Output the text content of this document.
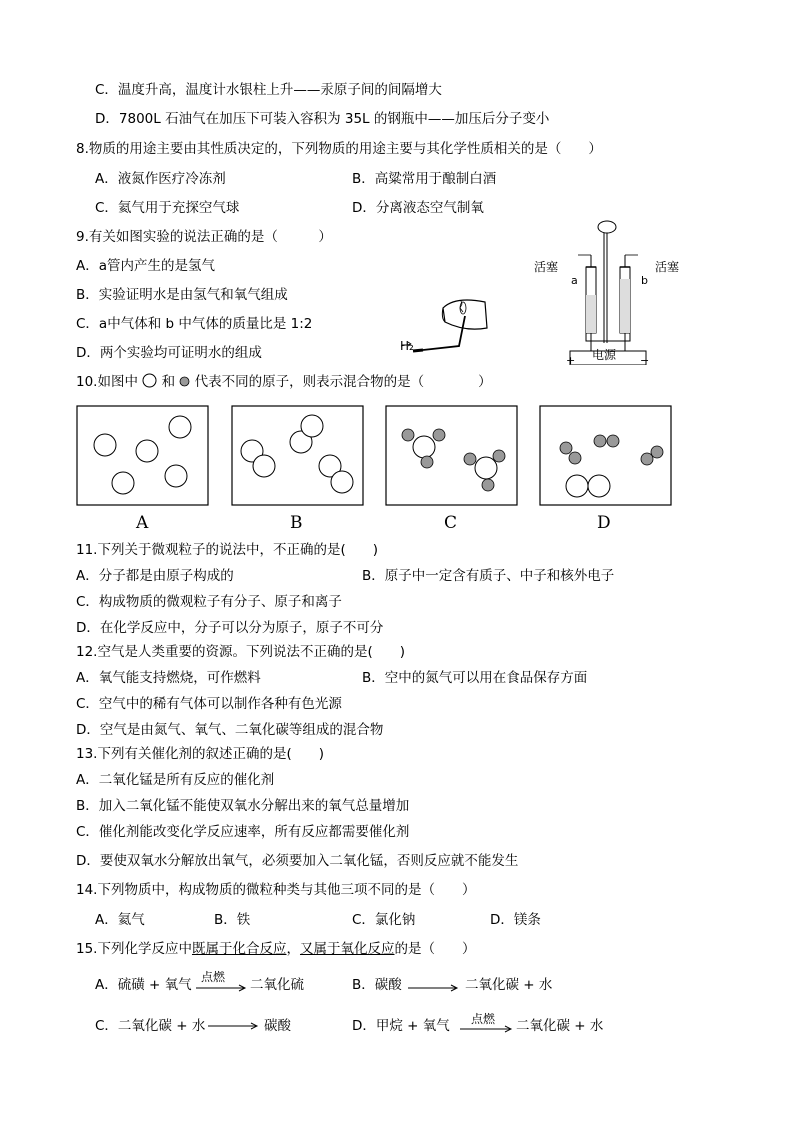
C．温度升高，温度计水银柱上升——汞原子间的间隔增大
D．7800L 石油气在加压下可装入容积为 35L 的钢瓶中——加压后分子变小
8.物质的用途主要由其性质决定的，下列物质的用途主要与其化学性质相关的是（　　）
A．液氮作医疗冷冻剂	B．高粱常用于酿制白酒
C．氦气用于充探空气球	D．分离液态空气制氧
9.有关如图实验的说法正确的是（　　　）
A．a管内产生的是氢气
B．实验证明水是由氢气和氧气组成
C．a中气体和 b 中气体的质量比是 1:2
D．两个实验均可证明水的组成	H₂
活塞	活塞
a	b
电源
+	−
10.如图中 和 代表不同的原子，则表示混合物的是（　　　　）
A	B	C	D
11.下列关于微观粒子的说法中，不正确的是(　　)
A．分子都是由原子构成的	B．原子中一定含有质子、中子和核外电子
C．构成物质的微观粒子有分子、原子和离子
D．在化学反应中，分子可以分为原子，原子不可分
12.空气是人类重要的资源。下列说法不正确的是(　　)
A．氧气能支持燃烧，可作燃料	B．空中的氮气可以用在食品保存方面
C．空气中的稀有气体可以制作各种有色光源
D．空气是由氮气、氧气、二氧化碳等组成的混合物
13.下列有关催化剂的叙述正确的是(　　)
A．二氧化锰是所有反应的催化剂
B．加入二氧化锰不能使双氧水分解出来的氧气总量增加
C．催化剂能改变化学反应速率，所有反应都需要催化剂
D．要使双氧水分解放出氧气，必须要加入二氧化锰，否则反应就不能发生
14.下列物质中，构成物质的微粒种类与其他三项不同的是（　　）
A．氦气	B．铁	C．氯化钠	D．镁条
15.下列化学反应中既属于化合反应，又属于氧化反应的是（　　）
A．硫磺 + 氧气 点燃 二氧化硫	B．碳酸	二氧化碳 + 水
C．二氧化碳 + 水	碳酸	D．甲烷 + 氧气 点燃 二氧化碳 + 水
